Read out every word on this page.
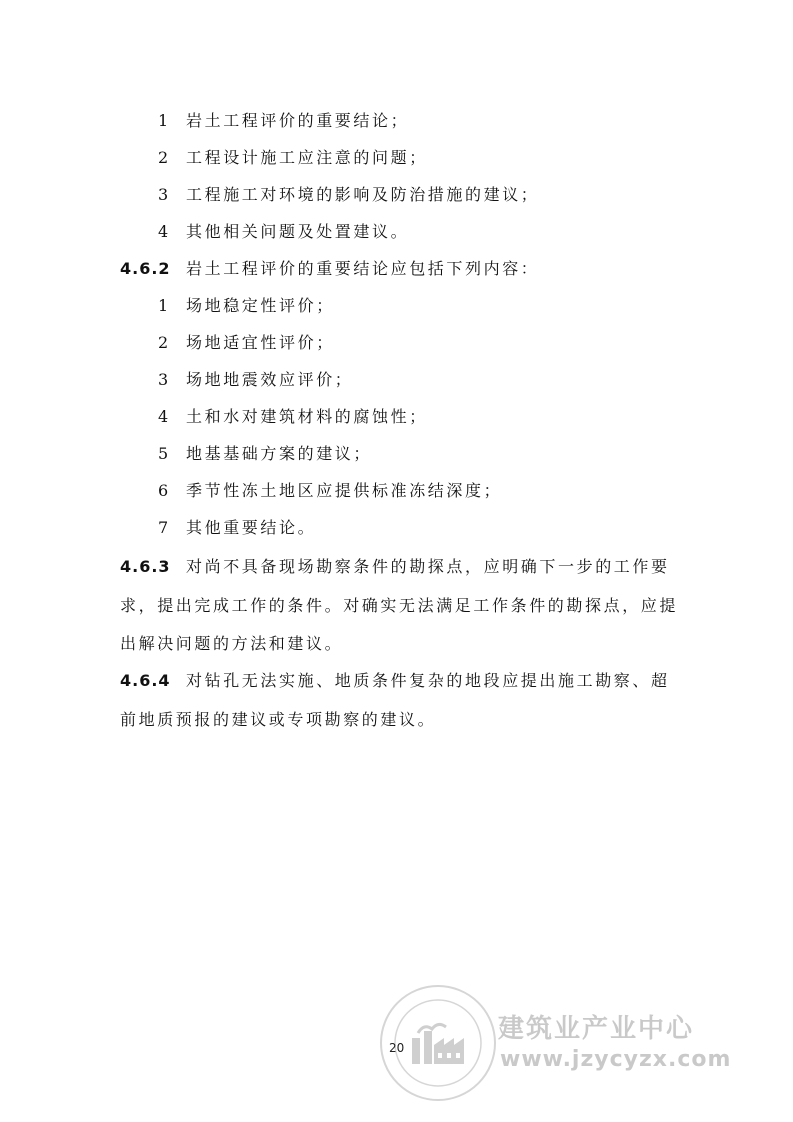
1 岩土工程评价的重要结论；
2 工程设计施工应注意的问题；
3 工程施工对环境的影响及防治措施的建议；
4 其他相关问题及处置建议。
4.6.2 岩土工程评价的重要结论应包括下列内容：
1 场地稳定性评价；
2 场地适宜性评价；
3 场地地震效应评价；
4 土和水对建筑材料的腐蚀性；
5 地基基础方案的建议；
6 季节性冻土地区应提供标准冻结深度；
7 其他重要结论。
4.6.3 对尚不具备现场勘察条件的勘探点，应明确下一步的工作要
求，提出完成工作的条件。对确实无法满足工作条件的勘探点，应提
出解决问题的方法和建议。
4.6.4 对钻孔无法实施、地质条件复杂的地段应提出施工勘察、超
前地质预报的建议或专项勘察的建议。
建筑业产业中心
www.jzycyzx.com
20
